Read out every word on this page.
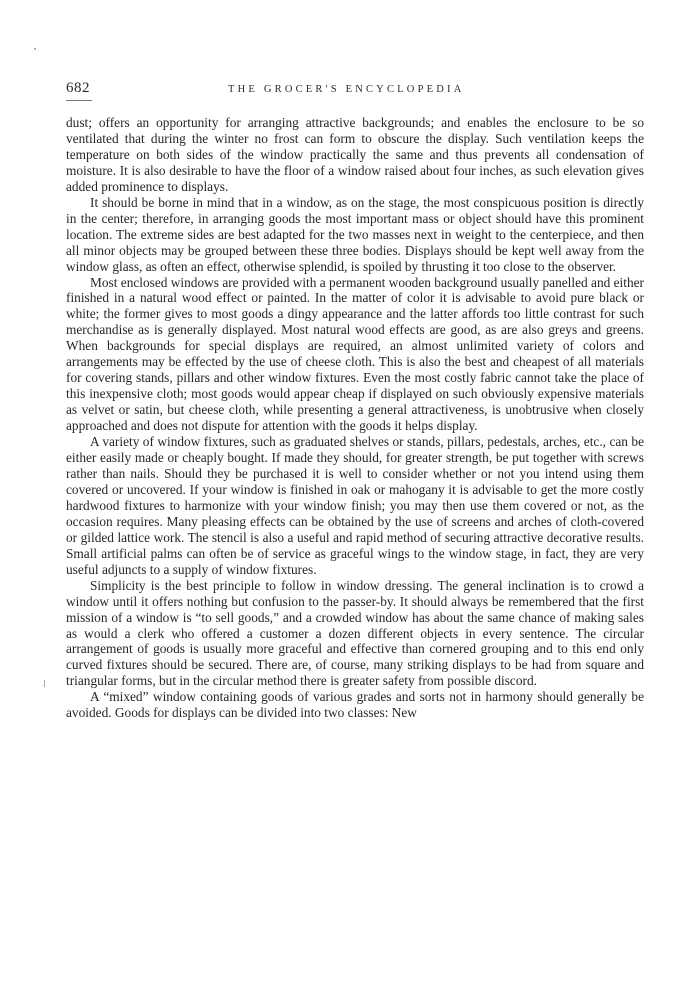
682	THE GROCER'S ENCYCLOPEDIA

dust; offers an opportunity for arranging attractive backgrounds; and enables the enclosure to be so ventilated that during the winter no frost can form to obscure the display. Such ventilation keeps the temperature on both sides of the window practically the same and thus prevents all condensation of moisture. It is also desirable to have the floor of a window raised about four inches, as such elevation gives added prominence to displays.

It should be borne in mind that in a window, as on the stage, the most conspicuous position is directly in the center; therefore, in arranging goods the most important mass or object should have this prominent location. The extreme sides are best adapted for the two masses next in weight to the centerpiece, and then all minor objects may be grouped between these three bodies. Displays should be kept well away from the window glass, as often an effect, otherwise splendid, is spoiled by thrusting it too close to the observer.

Most enclosed windows are provided with a permanent wooden background usually panelled and either finished in a natural wood effect or painted. In the matter of color it is advisable to avoid pure black or white; the former gives to most goods a dingy appearance and the latter affords too little contrast for such merchandise as is generally displayed. Most natural wood effects are good, as are also greys and greens. When backgrounds for special displays are required, an almost unlimited variety of colors and arrangements may be effected by the use of cheese cloth. This is also the best and cheapest of all materials for covering stands, pillars and other window fixtures. Even the most costly fabric cannot take the place of this inexpensive cloth; most goods would appear cheap if displayed on such obviously expensive materials as velvet or satin, but cheese cloth, while presenting a general attractiveness, is unobtrusive when closely approached and does not dispute for attention with the goods it helps display.

A variety of window fixtures, such as graduated shelves or stands, pillars, pedestals, arches, etc., can be either easily made or cheaply bought. If made they should, for greater strength, be put together with screws rather than nails. Should they be purchased it is well to consider whether or not you intend using them covered or uncovered. If your window is finished in oak or mahogany it is advisable to get the more costly hardwood fixtures to harmonize with your window finish; you may then use them covered or not, as the occasion requires. Many pleasing effects can be obtained by the use of screens and arches of cloth-covered or gilded lattice work. The stencil is also a useful and rapid method of securing attractive decorative results. Small artificial palms can often be of service as graceful wings to the window stage, in fact, they are very useful adjuncts to a supply of window fixtures.

Simplicity is the best principle to follow in window dressing. The general inclination is to crowd a window until it offers nothing but confusion to the passer-by. It should always be remembered that the first mission of a window is “to sell goods,” and a crowded window has about the same chance of making sales as would a clerk who offered a customer a dozen different objects in every sentence. The circular arrangement of goods is usually more graceful and effective than cornered grouping and to this end only curved fixtures should be secured. There are, of course, many striking displays to be had from square and triangular forms, but in the circular method there is greater safety from possible discord.

A “mixed” window containing goods of various grades and sorts not in harmony should generally be avoided. Goods for displays can be divided into two classes: New
